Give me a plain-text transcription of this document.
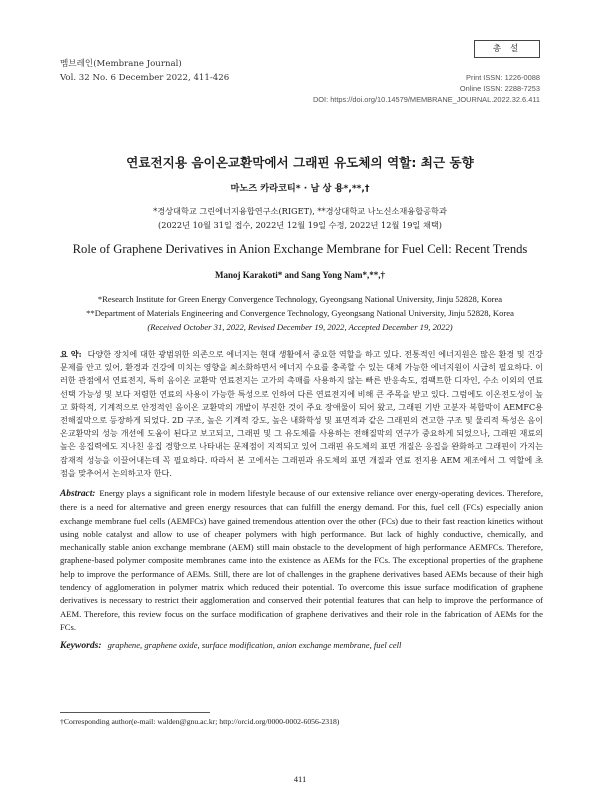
멤브레인(Membrane Journal)
Vol. 32 No. 6 December 2022, 411-426
총 설
Print ISSN: 1226-0088
Online ISSN: 2288-7253
DOI: https://doi.org/10.14579/MEMBRANE_JOURNAL.2022.32.6.411
연료전지용 음이온교환막에서 그래핀 유도체의 역할: 최근 동향
마노즈 카라코티* · 남 상 용*,**,†
*경상대학교 그린에너지융합연구소(RIGET), **경상대학교 나노신소재융합공학과
(2022년 10월 31일 접수, 2022년 12월 19일 수정, 2022년 12월 19일 채택)
Role of Graphene Derivatives in Anion Exchange Membrane for Fuel Cell: Recent Trends
Manoj Karakoti* and Sang Yong Nam*,**,†
*Research Institute for Green Energy Convergence Technology, Gyeongsang National University, Jinju 52828, Korea
**Department of Materials Engineering and Convergence Technology, Gyeongsang National University, Jinju 52828, Korea
(Received October 31, 2022, Revised December 19, 2022, Accepted December 19, 2022)
요 약: 다양한 장치에 대한 광범위한 의존으로 에너지는 현대 생활에서 중요한 역할을 하고 있다. 전통적인 에너지원은 많은 환경 및 건강 문제를 안고 있어, 환경과 건강에 미치는 영향을 최소화하면서 에너지 수요를 충족할 수 있는 대체 가능한 에너지원이 시급히 필요하다. 이러한 관점에서 연료전지, 특히 음이온 교환막 연료전지는 고가의 촉매를 사용하지 않는 빠른 반응속도, 컴팩트한 디자인, 수소 이외의 연료 선택 가능성 및 보다 저렴한 연료의 사용이 가능한 특성으로 인하여 다른 연료전지에 비해 큰 주목을 받고 있다. 그럼에도 이온전도성이 높고 화학적, 기계적으로 안정적인 음이온 교환막의 개발이 부진한 것이 주요 장애물이 되어 왔고, 그래핀 기반 고분자 복합막이 AEMFC용 전해질막으로 등장하게 되었다. 2D 구조, 높은 기계적 강도, 높은 내화학성 및 표면적과 같은 그래핀의 견고한 구조 및 물리적 특성은 음이온교환막의 성능 개선에 도움이 된다고 보고되고, 그래핀 및 그 유도체를 사용하는 전해질막의 연구가 중요하게 되었으나, 그래핀 재료의 높은 응집력에도 지나친 응집 경향으로 나타내는 문제점이 지적되고 있어 그래핀 유도체의 표면 개질은 응집을 완화하고 그래핀이 가지는 잠재적 성능을 이끌어내는데 꼭 필요하다. 따라서 본 고에서는 그래핀과 유도체의 표면 개질과 연료 전지용 AEM 제조에서 그 역할에 초점을 맞추어서 논의하고자 한다.
Abstract: Energy plays a significant role in modern lifestyle because of our extensive reliance over energy-operating devices. Therefore, there is a need for alternative and green energy resources that can fulfill the energy demand. For this, fuel cell (FCs) especially anion exchange membrane fuel cells (AEMFCs) have gained tremendous attention over the other (FCs) due to their fast reaction kinetics without using noble catalyst and allow to use of cheaper polymers with high performance. But lack of highly conductive, chemically, and mechanically stable anion exchange membrane (AEM) still main obstacle to the development of high performance AEMFCs. Therefore, graphene-based polymer composite membranes came into the existence as AEMs for the FCs. The exceptional properties of the graphene help to improve the performance of AEMs. Still, there are lot of challenges in the graphene derivatives based AEMs because of their high tendency of agglomeration in polymer matrix which reduced their potential. To overcome this issue surface modification of graphene derivatives is necessary to restrict their agglomeration and conserved their potential features that can help to improve the performance of AEM. Therefore, this review focus on the surface modification of graphene derivatives and their role in the fabrication of AEMs for the FCs.
Keywords: graphene, graphene oxide, surface modification, anion exchange membrane, fuel cell
†Corresponding author(e-mail: walden@gnu.ac.kr; http://orcid.org/0000-0002-6056-2318)
411
